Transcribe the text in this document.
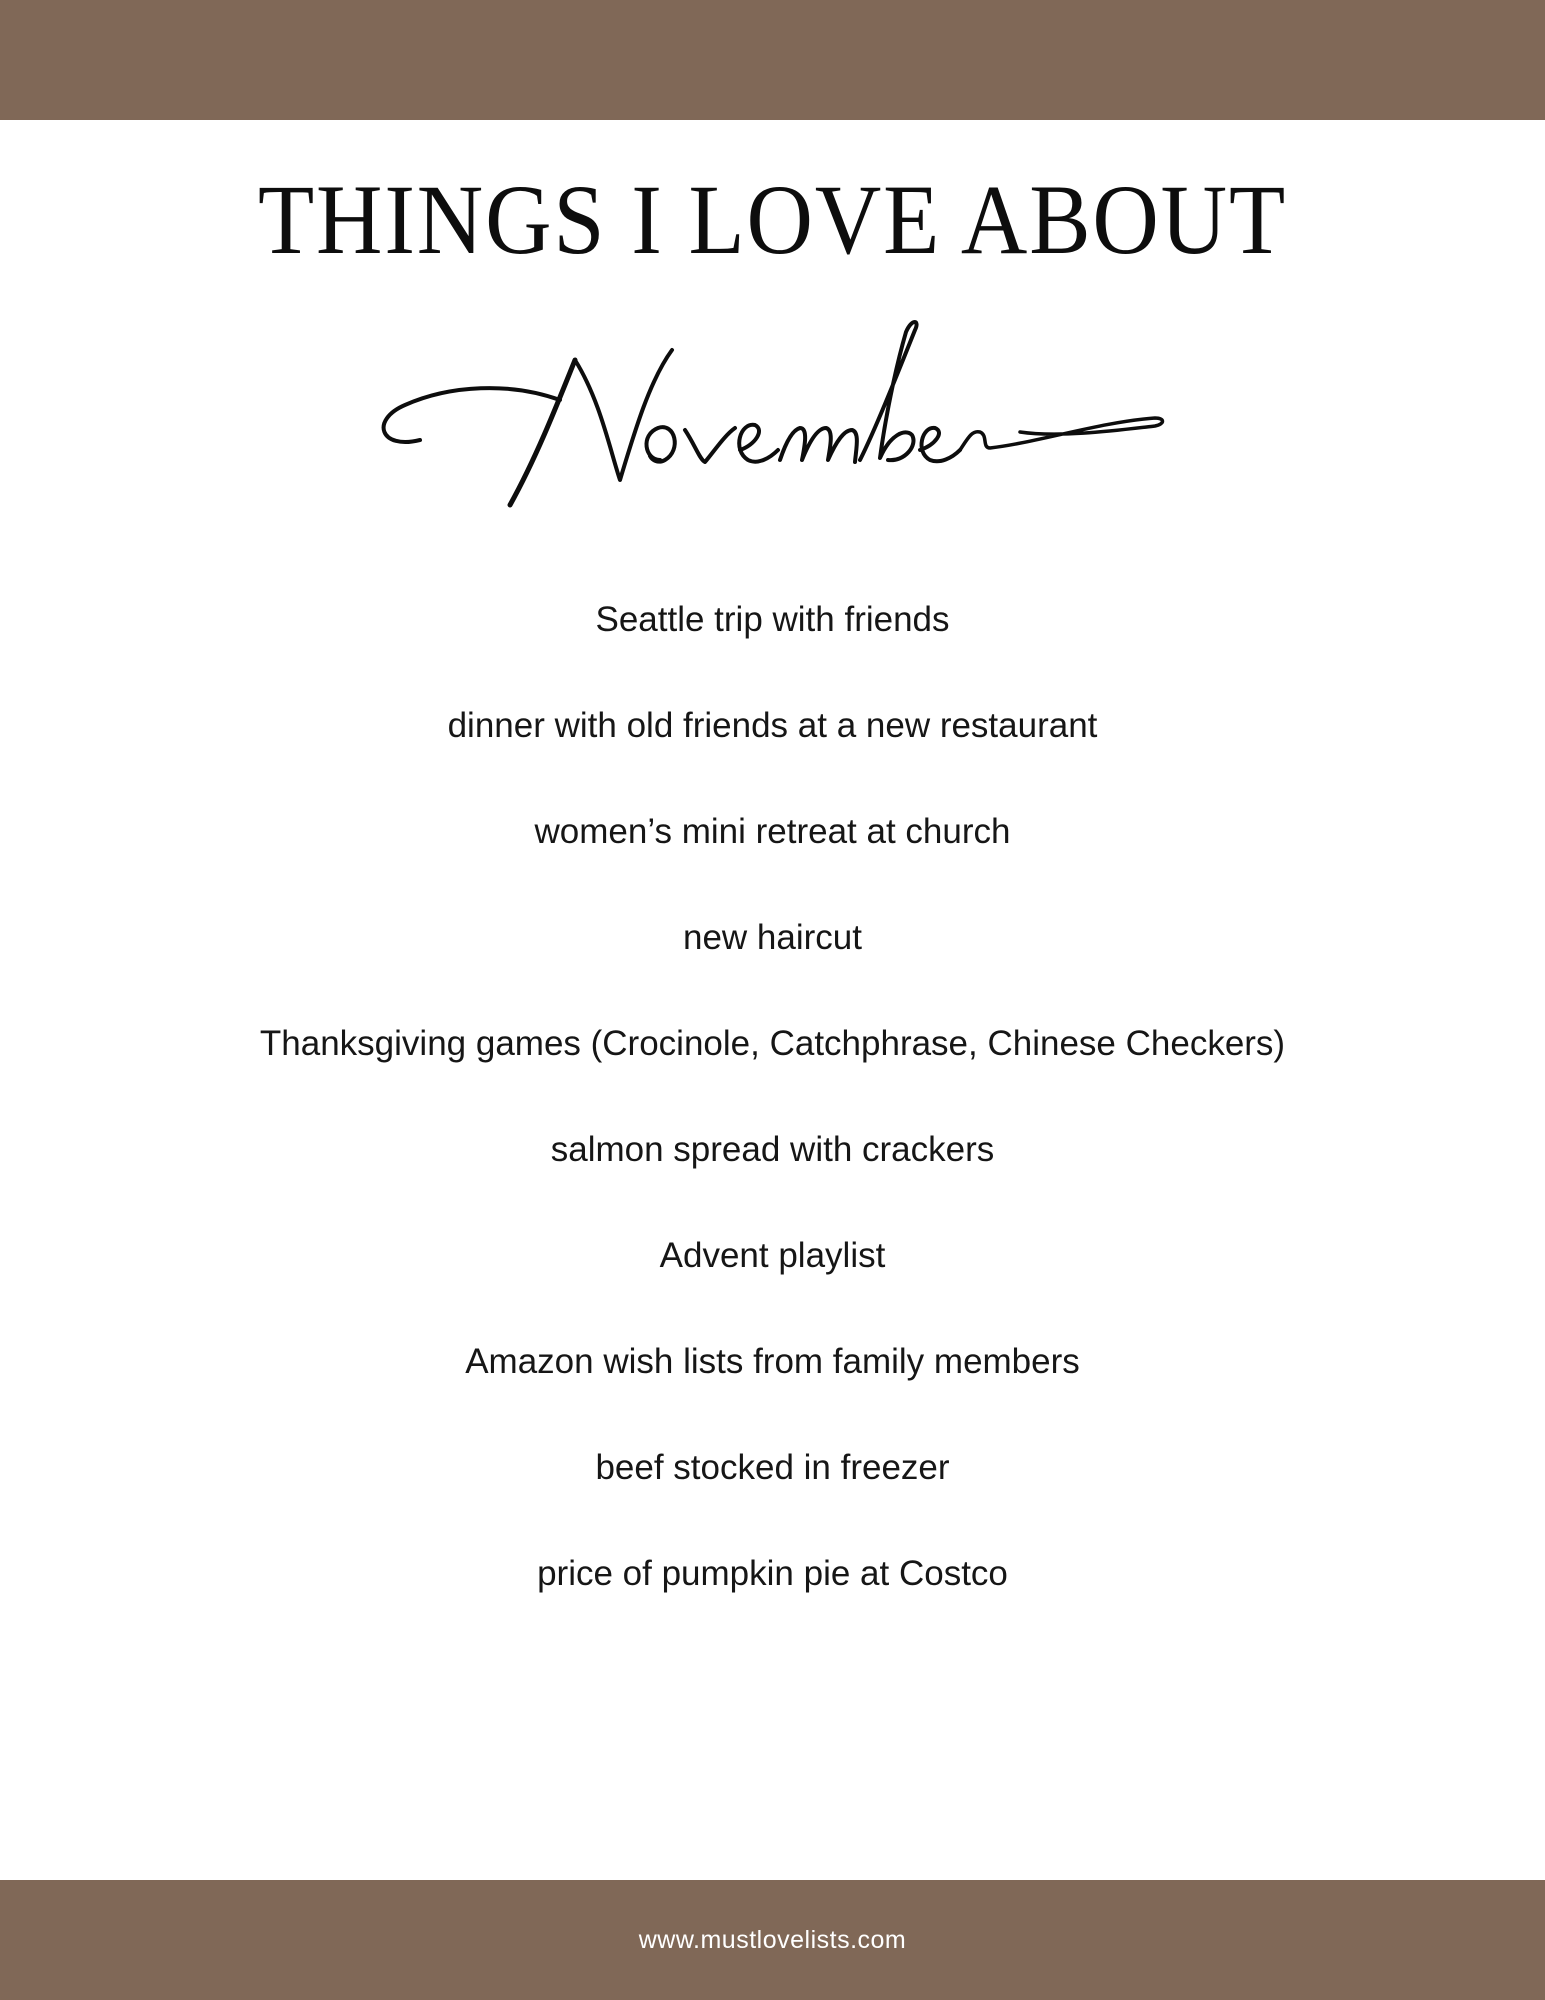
THINGS I LOVE ABOUT
Seattle trip with friends
dinner with old friends at a new restaurant
women’s mini retreat at church
new haircut
Thanksgiving games (Crocinole, Catchphrase, Chinese Checkers)
salmon spread with crackers
Advent playlist
Amazon wish lists from family members
beef stocked in freezer
price of pumpkin pie at Costco
www.mustlovelists.com
